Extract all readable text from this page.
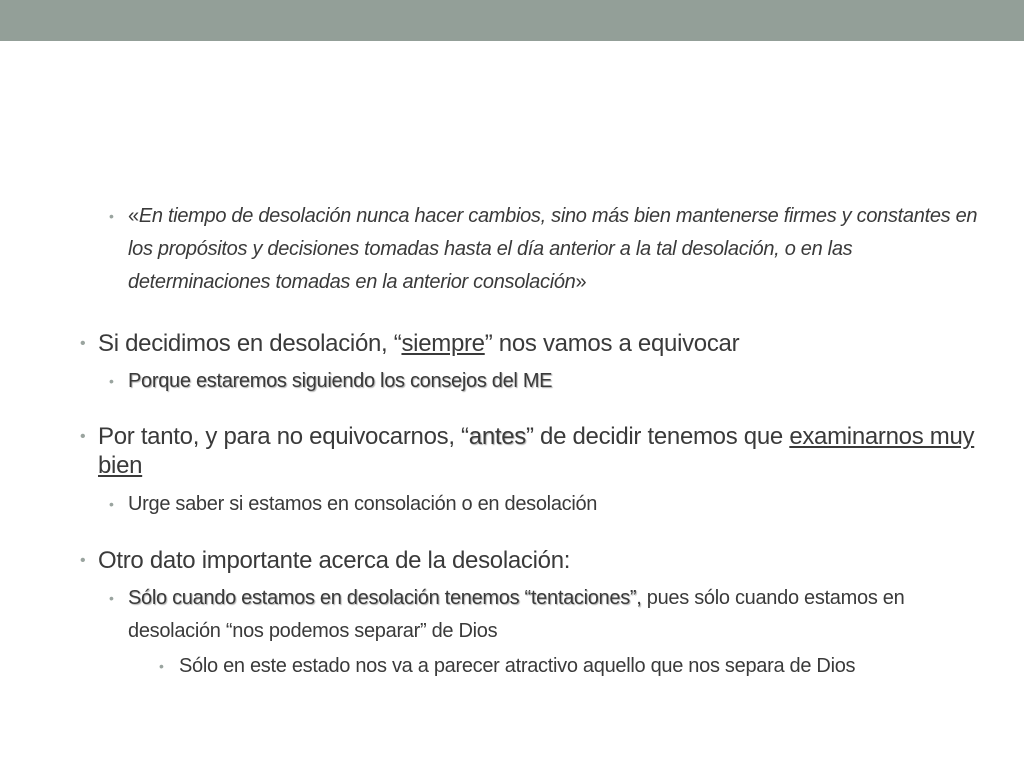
• «En tiempo de desolación nunca hacer cambios, sino más bien mantenerse firmes y constantes en los propósitos y decisiones tomadas hasta el día anterior a la tal desolación, o en las determinaciones tomadas en la anterior consolación»
• Si decidimos en desolación, “siempre” nos vamos a equivocar
• Porque estaremos siguiendo los consejos del ME
• Por tanto, y para no equivocarnos, “antes” de decidir tenemos que examinarnos muy bien
• Urge saber si estamos en consolación o en desolación
• Otro dato importante acerca de la desolación:
• Sólo cuando estamos en desolación tenemos “tentaciones”, pues sólo cuando estamos en desolación “nos podemos separar” de Dios
• Sólo en este estado nos va a parecer atractivo aquello que nos separa de Dios
